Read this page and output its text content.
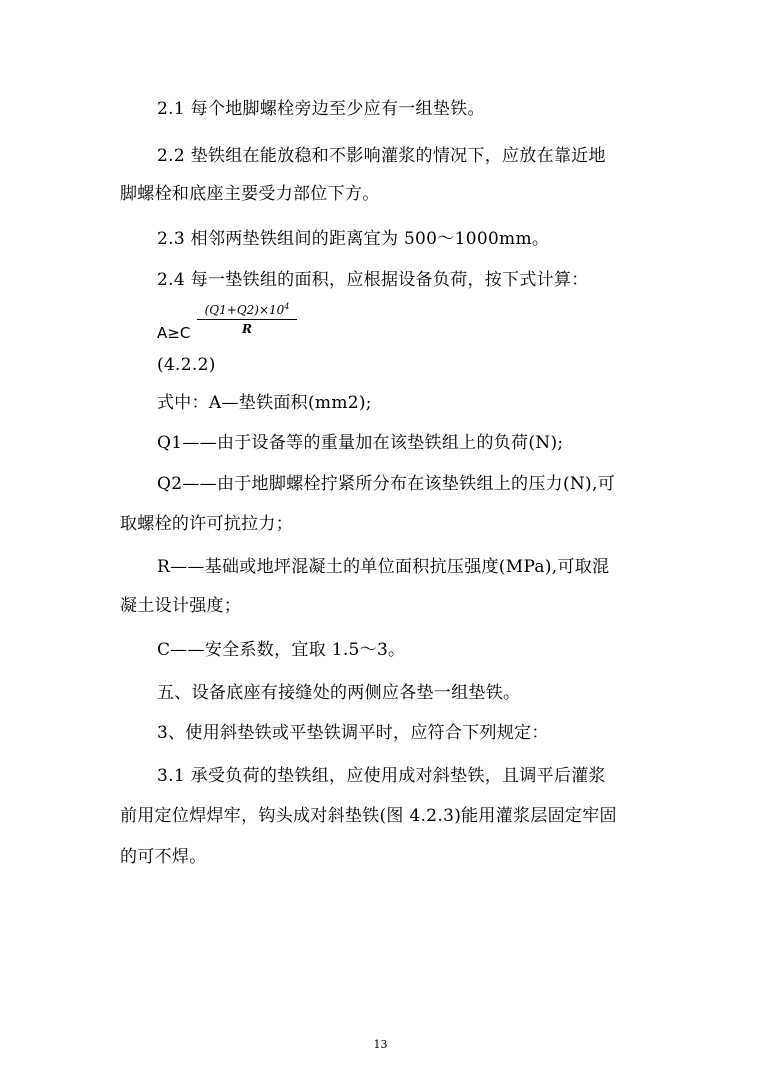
2.1 每个地脚螺栓旁边至少应有一组垫铁。
2.2 垫铁组在能放稳和不影响灌浆的情况下，应放在靠近地
脚螺栓和底座主要受力部位下方。
2.3 相邻两垫铁组间的距离宜为 500～1000mm。
2.4 每一垫铁组的面积，应根据设备负荷，按下式计算：
$A\ge C \frac{(Q1+Q2)\times 10^4}{R}$
(4.2.2)
式中：A—垫铁面积(mm2);
Q1——由于设备等的重量加在该垫铁组上的负荷(N);
Q2——由于地脚螺栓拧紧所分布在该垫铁组上的压力(N),可
取螺栓的许可抗拉力；
R——基础或地坪混凝土的单位面积抗压强度(MPa),可取混
凝土设计强度；
C——安全系数，宜取 1.5～3。
五、设备底座有接缝处的两侧应各垫一组垫铁。
3、使用斜垫铁或平垫铁调平时，应符合下列规定：
3.1 承受负荷的垫铁组，应使用成对斜垫铁，且调平后灌浆
前用定位焊焊牢，钩头成对斜垫铁(图 4.2.3)能用灌浆层固定牢固
的可不焊。
13
